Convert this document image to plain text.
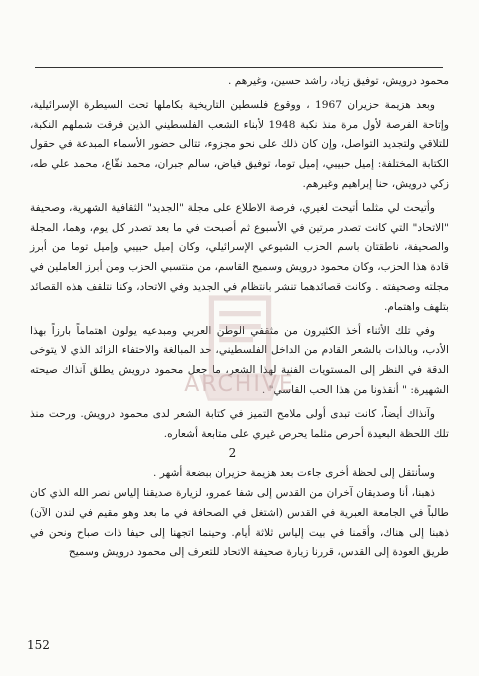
محمود درويش، توفيق زياد، راشد حسين، وغيرهم .

وبعد هزيمة حزيران 1967 ، ووقوع فلسطين التاريخية بكاملها تحت السيطرة الإسرائيلية، وإتاحة الفرصة لأول مرة منذ نكبة 1948 لأبناء الشعب الفلسطيني الذين فرقت شملهم النكبة، للتلاقي ولتجديد التواصل، وإن كان ذلك على نحو مجزوء، تتالى حضور الأسماء المبدعة في حقول الكتابة المختلفة: إميل حبيبي، إميل توما، توفيق فياض، سالم جبران، محمد نفّاع، محمد علي طه، زكي درويش، حنا إبراهيم وغيرهم.

وأتيحت لي مثلما أتيحت لغيري، فرصة الاطلاع على مجلة "الجديد" الثقافية الشهرية، وصحيفة "الاتحاد" التي كانت تصدر مرتين في الأسبوع ثم أصبحت في ما بعد تصدر كل يوم، وهما، المجلة والصحيفة، ناطقتان باسم الحزب الشيوعي الإسرائيلي، وكان إميل حبيبي وإميل توما من أبرز قادة هذا الحزب، وكان محمود درويش وسميح القاسم، من منتسبي الحزب ومن أبرز العاملين في مجلته وصحيفته . وكانت قصائدهما تنشر بانتظام في الجديد وفي الاتحاد، وكنا نتلقف هذه القصائد بتلهف واهتمام.

وفي تلك الأثناء أخذ الكثيرون من مثقفي الوطن العربي ومبدعيه يولون اهتماماً بارزاً بهذا الأدب، وبالذات بالشعر القادم من الداخل الفلسطيني، حد المبالغة والاحتفاء الزائد الذي لا يتوخى الدقة في النظر إلى المستويات الفنية لهذا الشعر، ما جعل محمود درويش يطلق آنذاك صيحته الشهيرة: " أنقذونا من هذا الحب القاسي" .

وآنذاك أيضاً، كانت تبدى أولى ملامح التميز في كتابة الشعر لدى محمود درويش. ورحت منذ تلك اللحظة البعيدة أحرص مثلما يحرص غيري على متابعة أشعاره.

2

وسأنتقل إلى لحظة أخرى جاءت بعد هزيمة حزيران ببضعة أشهر .

ذهبنا، أنا وصديقان آخران من القدس إلى شفا عمرو، لزيارة صديقنا إلياس نصر الله الذي كان طالباً في الجامعة العبرية في القدس (اشتغل في الصحافة في ما بعد وهو مقيم في لندن الآن) ذهبنا إلى هناك، وأقمنا في بيت إلياس ثلاثة أيام. وحينما اتجهنا إلى حيفا ذات صباح ونحن في طريق العودة إلى القدس، قررنا زيارة صحيفة الاتحاد للتعرف إلى محمود درويش وسميح

ARCHIVE
152
